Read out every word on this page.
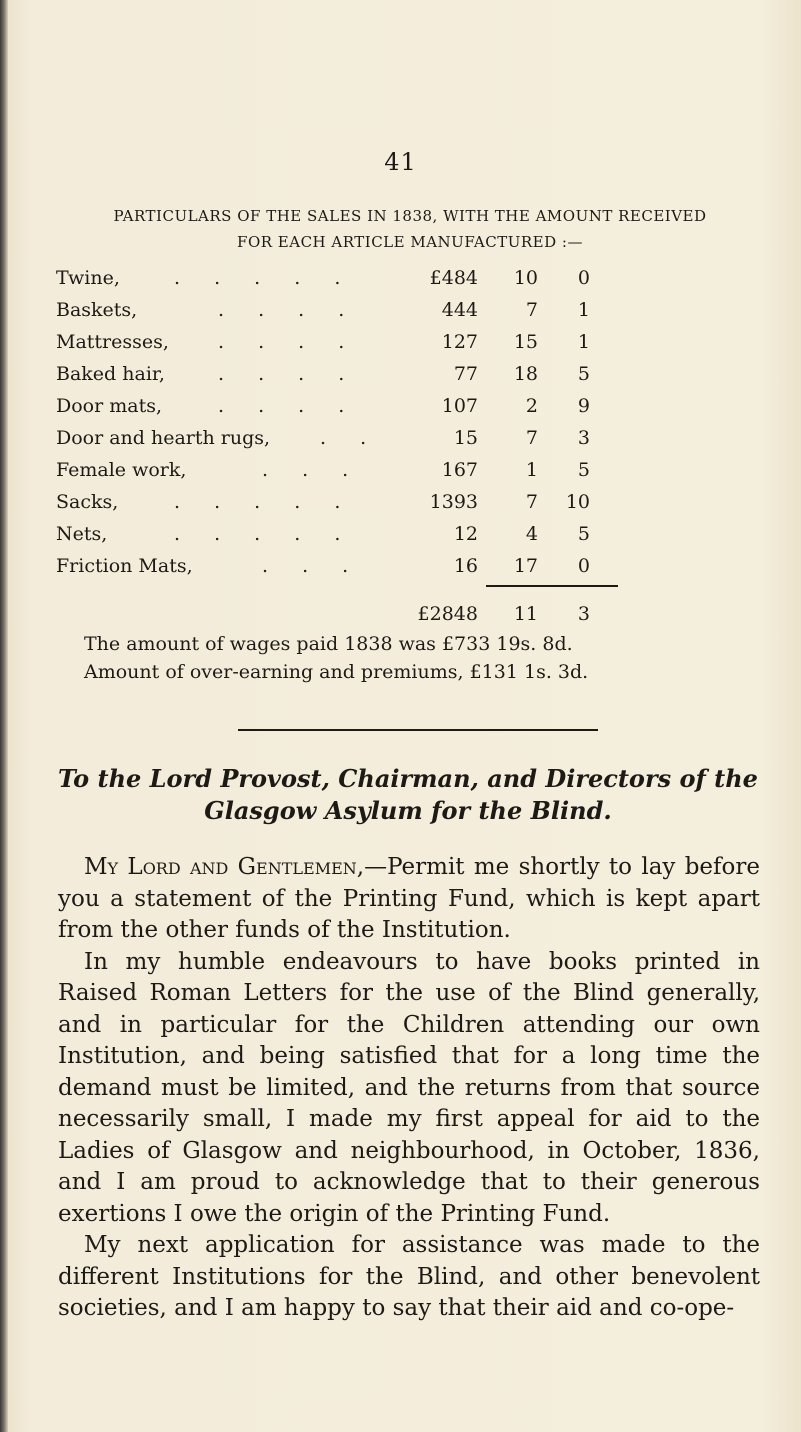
41
PARTICULARS OF THE SALES IN 1838, WITH THE AMOUNT RECEIVED
FOR EACH ARTICLE MANUFACTURED :—
Twine,	. . . . .	£484 10 0
Baskets,	. . . .	444	7 1
Mattresses,	. . . .	127 15 1
Baked hair,	. . . .	77 18 5
Door mats,	. . . .	107	2 9
Door and hearth rugs,	. .	15	7 3
Female work,	. . .	167	1 5
Sacks,	. . . . .	1393	7 10
Nets,	. . . . .	12	4 5
Friction Mats,	. . .	16 17 0
£2848 11 3
The amount of wages paid 1838 was £733 19s. 8d.
Amount of over-earning and premiums, £131 1s. 3d.
To the Lord Provost, Chairman, and Directors of the
Glasgow Asylum for the Blind.

My Lord and Gentlemen,—Permit me shortly to lay before you a statement of the Printing Fund, which is kept apart from the other funds of the Institution.

In my humble endeavours to have books printed in Raised Roman Letters for the use of the Blind generally, and in particular for the Children attending our own Institution, and being satisfied that for a long time the demand must be limited, and the returns from that source necessarily small, I made my first appeal for aid to the Ladies of Glasgow and neighbourhood, in October, 1836, and I am proud to acknowledge that to their generous exertions I owe the origin of the Printing Fund.

My next application for assistance was made to the different Institutions for the Blind, and other benevolent societies, and I am happy to say that their aid and co-ope-
